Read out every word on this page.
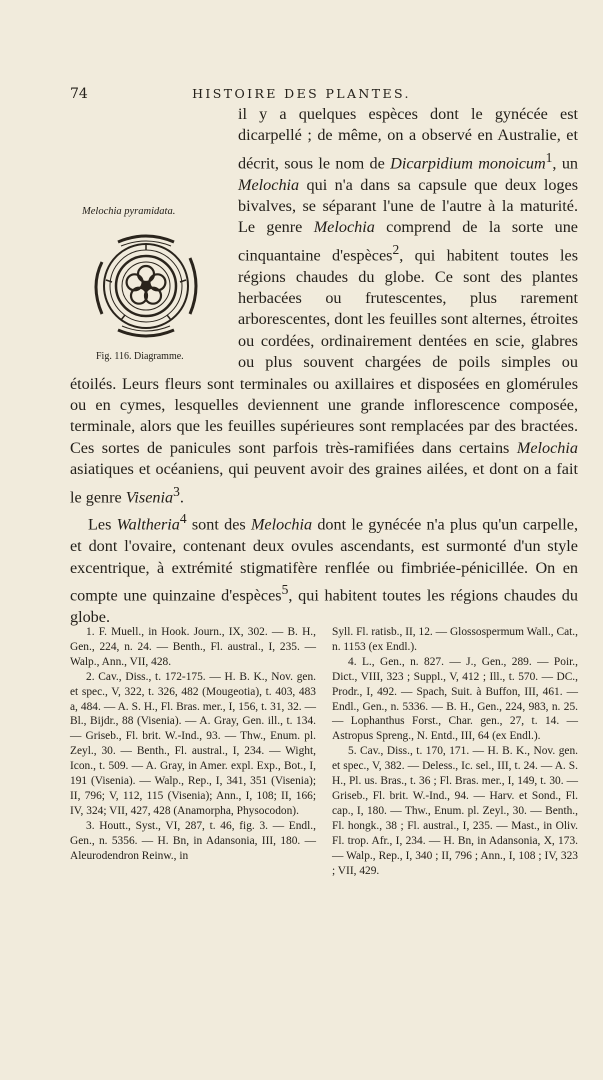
74	HISTOIRE DES PLANTES.
Melochia pyramidata.
Fig. 116. Diagramme.

il y a quelques espèces dont le gynécée est dicarpellé ; de même, on a observé en Australie, et décrit, sous le nom de Dicarpidium monoicum$^1$, un Melochia qui n'a dans sa capsule que deux loges bivalves, se séparant l'une de l'autre à la maturité. Le genre Melochia comprend de la sorte une cinquantaine d'espèces$^2$, qui habitent toutes les régions chaudes du globe. Ce sont des plantes herbacées ou frutescentes, plus rarement arborescentes, dont les feuilles sont alternes, étroites ou cordées, ordinairement dentées en scie, glabres ou plus souvent chargées de poils simples ou étoilés. Leurs fleurs sont terminales ou axillaires et disposées en glomérules ou en cymes, lesquelles deviennent une grande inflorescence composée, terminale, alors que les feuilles supérieures sont remplacées par des bractées. Ces sortes de panicules sont parfois très-ramifiées dans certains Melochia asiatiques et océaniens, qui peuvent avoir des graines ailées, et dont on a fait le genre Visenia$^3$.

Les Waltheria$^4$ sont des Melochia dont le gynécée n'a plus qu'un carpelle, et dont l'ovaire, contenant deux ovules ascendants, est surmonté d'un style excentrique, à extrémité stigmatifère renflée ou fimbriée-pénicillée. On en compte une quinzaine d'espèces$^5$, qui habitent toutes les régions chaudes du globe.

1. F. Muell., in Hook. Journ., IX, 302. — B. H., Gen., 224, n. 24. — Benth., Fl. austral., I, 235. — Walp., Ann., VII, 428.

2. Cav., Diss., t. 172-175. — H. B. K., Nov. gen. et spec., V, 322, t. 326, 482 (Mougeotia), t. 403, 483 a, 484. — A. S. H., Fl. Bras. mer., I, 156, t. 31, 32. — Bl., Bijdr., 88 (Visenia). — A. Gray, Gen. ill., t. 134. — Griseb., Fl. brit. W.-Ind., 93. — Thw., Enum. pl. Zeyl., 30. — Benth., Fl. austral., I, 234. — Wight, Icon., t. 509. — A. Gray, in Amer. expl. Exp., Bot., I, 191 (Visenia). — Walp., Rep., I, 341, 351 (Visenia); II, 796; V, 112, 115 (Visenia); Ann., I, 108; II, 166; IV, 324; VII, 427, 428 (Anamorpha, Physocodon).

3. Houtt., Syst., VI, 287, t. 46, fig. 3. — Endl., Gen., n. 5356. — H. Bn, in Adansonia, III, 180. — Aleurodendron Reinw., in

Syll. Fl. ratisb., II, 12. — Glossospermum Wall., Cat., n. 1153 (ex Endl.).

4. L., Gen., n. 827. — J., Gen., 289. — Poir., Dict., VIII, 323 ; Suppl., V, 412 ; Ill., t. 570. — DC., Prodr., I, 492. — Spach, Suit. à Buffon, III, 461. — Endl., Gen., n. 5336. — B. H., Gen., 224, 983, n. 25. — Lophanthus Forst., Char. gen., 27, t. 14. — Astropus Spreng., N. Entd., III, 64 (ex Endl.).

5. Cav., Diss., t. 170, 171. — H. B. K., Nov. gen. et spec., V, 382. — Deless., Ic. sel., III, t. 24. — A. S. H., Pl. us. Bras., t. 36 ; Fl. Bras. mer., I, 149, t. 30. — Griseb., Fl. brit. W.-Ind., 94. — Harv. et Sond., Fl. cap., I, 180. — Thw., Enum. pl. Zeyl., 30. — Benth., Fl. hongk., 38 ; Fl. austral., I, 235. — Mast., in Oliv. Fl. trop. Afr., I, 234. — H. Bn, in Adansonia, X, 173. — Walp., Rep., I, 340 ; II, 796 ; Ann., I, 108 ; IV, 323 ; VII, 429.
